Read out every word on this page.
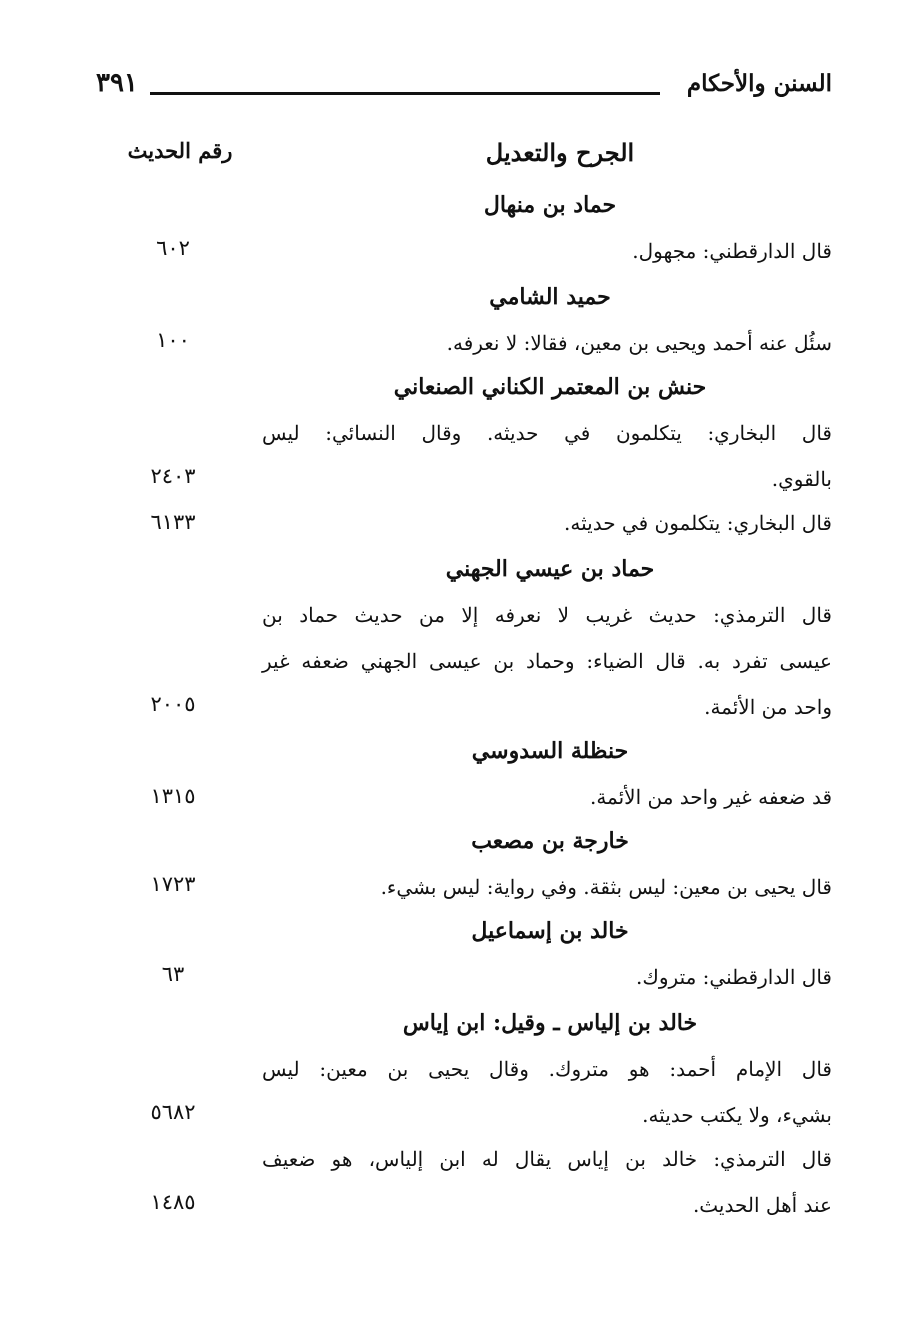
السنن والأحكام
٣٩١
الجرح والتعديل
رقم الحديث
حماد بن منهال
قال الدارقطني: مجهول.
٦٠٢
حميد الشامي
سئُل عنه أحمد ويحيى بن معين، فقالا: لا نعرفه.
١٠٠
حنش بن المعتمر الكناني الصنعاني
قال البخاري: يتكلمون في حديثه. وقال النسائي: ليس
بالقوي.
٢٤٠٣
قال البخاري: يتكلمون في حديثه.
٦١٣٣
حماد بن عيسي الجهني
قال الترمذي: حديث غريب لا نعرفه إلا من حديث حماد بن
عيسى تفرد به. قال الضياء: وحماد بن عيسى الجهني ضعفه غير
واحد من الأئمة.
٢٠٠٥
حنظلة السدوسي
قد ضعفه غير واحد من الأئمة.
١٣١٥
خارجة بن مصعب
قال يحيى بن معين: ليس بثقة. وفي رواية: ليس بشيء.
١٧٢٣
خالد بن إسماعيل
قال الدارقطني: متروك.
٦٣
خالد بن إلياس ـ وقيل: ابن إياس
قال الإمام أحمد: هو متروك. وقال يحيى بن معين: ليس
بشيء، ولا يكتب حديثه.
٥٦٨٢
قال الترمذي: خالد بن إياس يقال له ابن إلياس، هو ضعيف
عند أهل الحديث.
١٤٨٥
